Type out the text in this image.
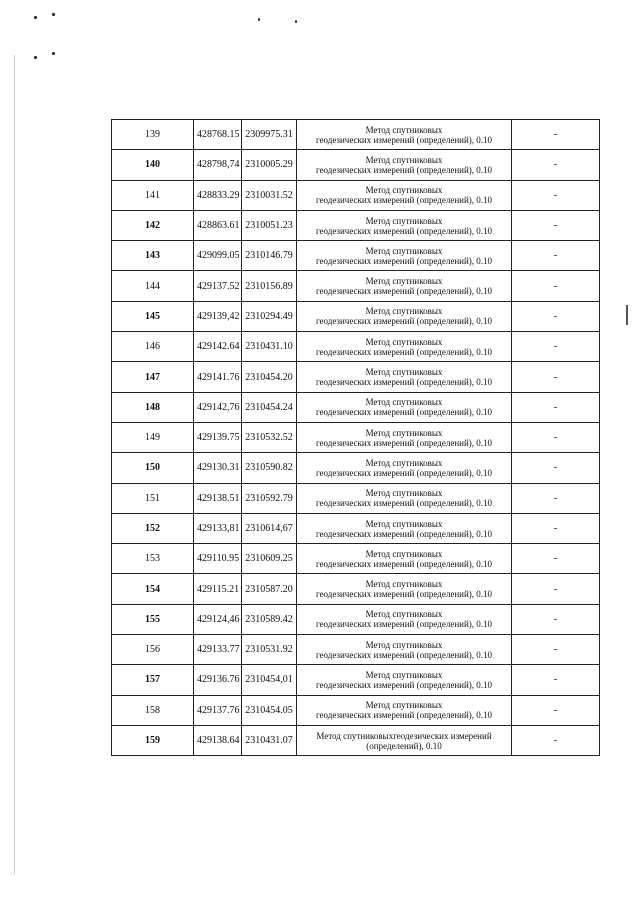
139	428768.15	2309975.31	Метод спутниковых
геодезических измерений (определений), 0.10	-
140	428798,74	2310005.29	Метод спутниковых
геодезических измерений (определений), 0.10	-
141	428833.29	2310031.52	Метод спутниковых
геодезических измерений (определений), 0.10	-
142	428863.61	2310051.23	Метод спутниковых
геодезических измерений (определений), 0.10	-
143	429099.05	2310146.79	Метод спутниковых
геодезических измерений (определений), 0.10	-
144	429137.52	2310156.89	Метод спутниковых
геодезических измерений (определений), 0.10	-
145	429139,42	2310294.49	Метод спутниковых
геодезических измерений (определений), 0.10	-
146	429142.64	2310431.10	Метод спутниковых
геодезических измерений (определений), 0.10	-
147	429141.76	2310454.20	Метод спутниковых
геодезических измерений (определений), 0.10	-
148	429142,76	2310454.24	Метод спутниковых
геодезических измерений (определений), 0.10	-
149	429139.75	2310532.52	Метод спутниковых
геодезических измерений (определений), 0.10	-
150	429130.31	2310590.82	Метод спутниковых
геодезических измерений (определений), 0.10	-
151	429138.51	2310592.79	Метод спутниковых
геодезических измерений (определений), 0.10	-
152	429133,81	2310614,67	Метод спутниковых
геодезических измерений (определений), 0.10	-
153	429110.95	2310609.25	Метод спутниковых
геодезических измерений (определений), 0.10	-
154	429115.21	2310587.20	Метод спутниковых
геодезических измерений (определений), 0.10	-
155	429124,46	2310589.42	Метод спутниковых
геодезических измерений (определений), 0.10	-
156	429133.77	2310531.92	Метод спутниковых
геодезических измерений (определений), 0.10	-
157	429136.76	2310454,01	Метод спутниковых
геодезических измерений (определений), 0.10	-
158	429137.76	2310454.05	Метод спутниковых
геодезических измерений (определений), 0.10	-
159	429138.64	2310431.07	Метод спутниковыхгеодезических измерений
(определений), 0.10	-
